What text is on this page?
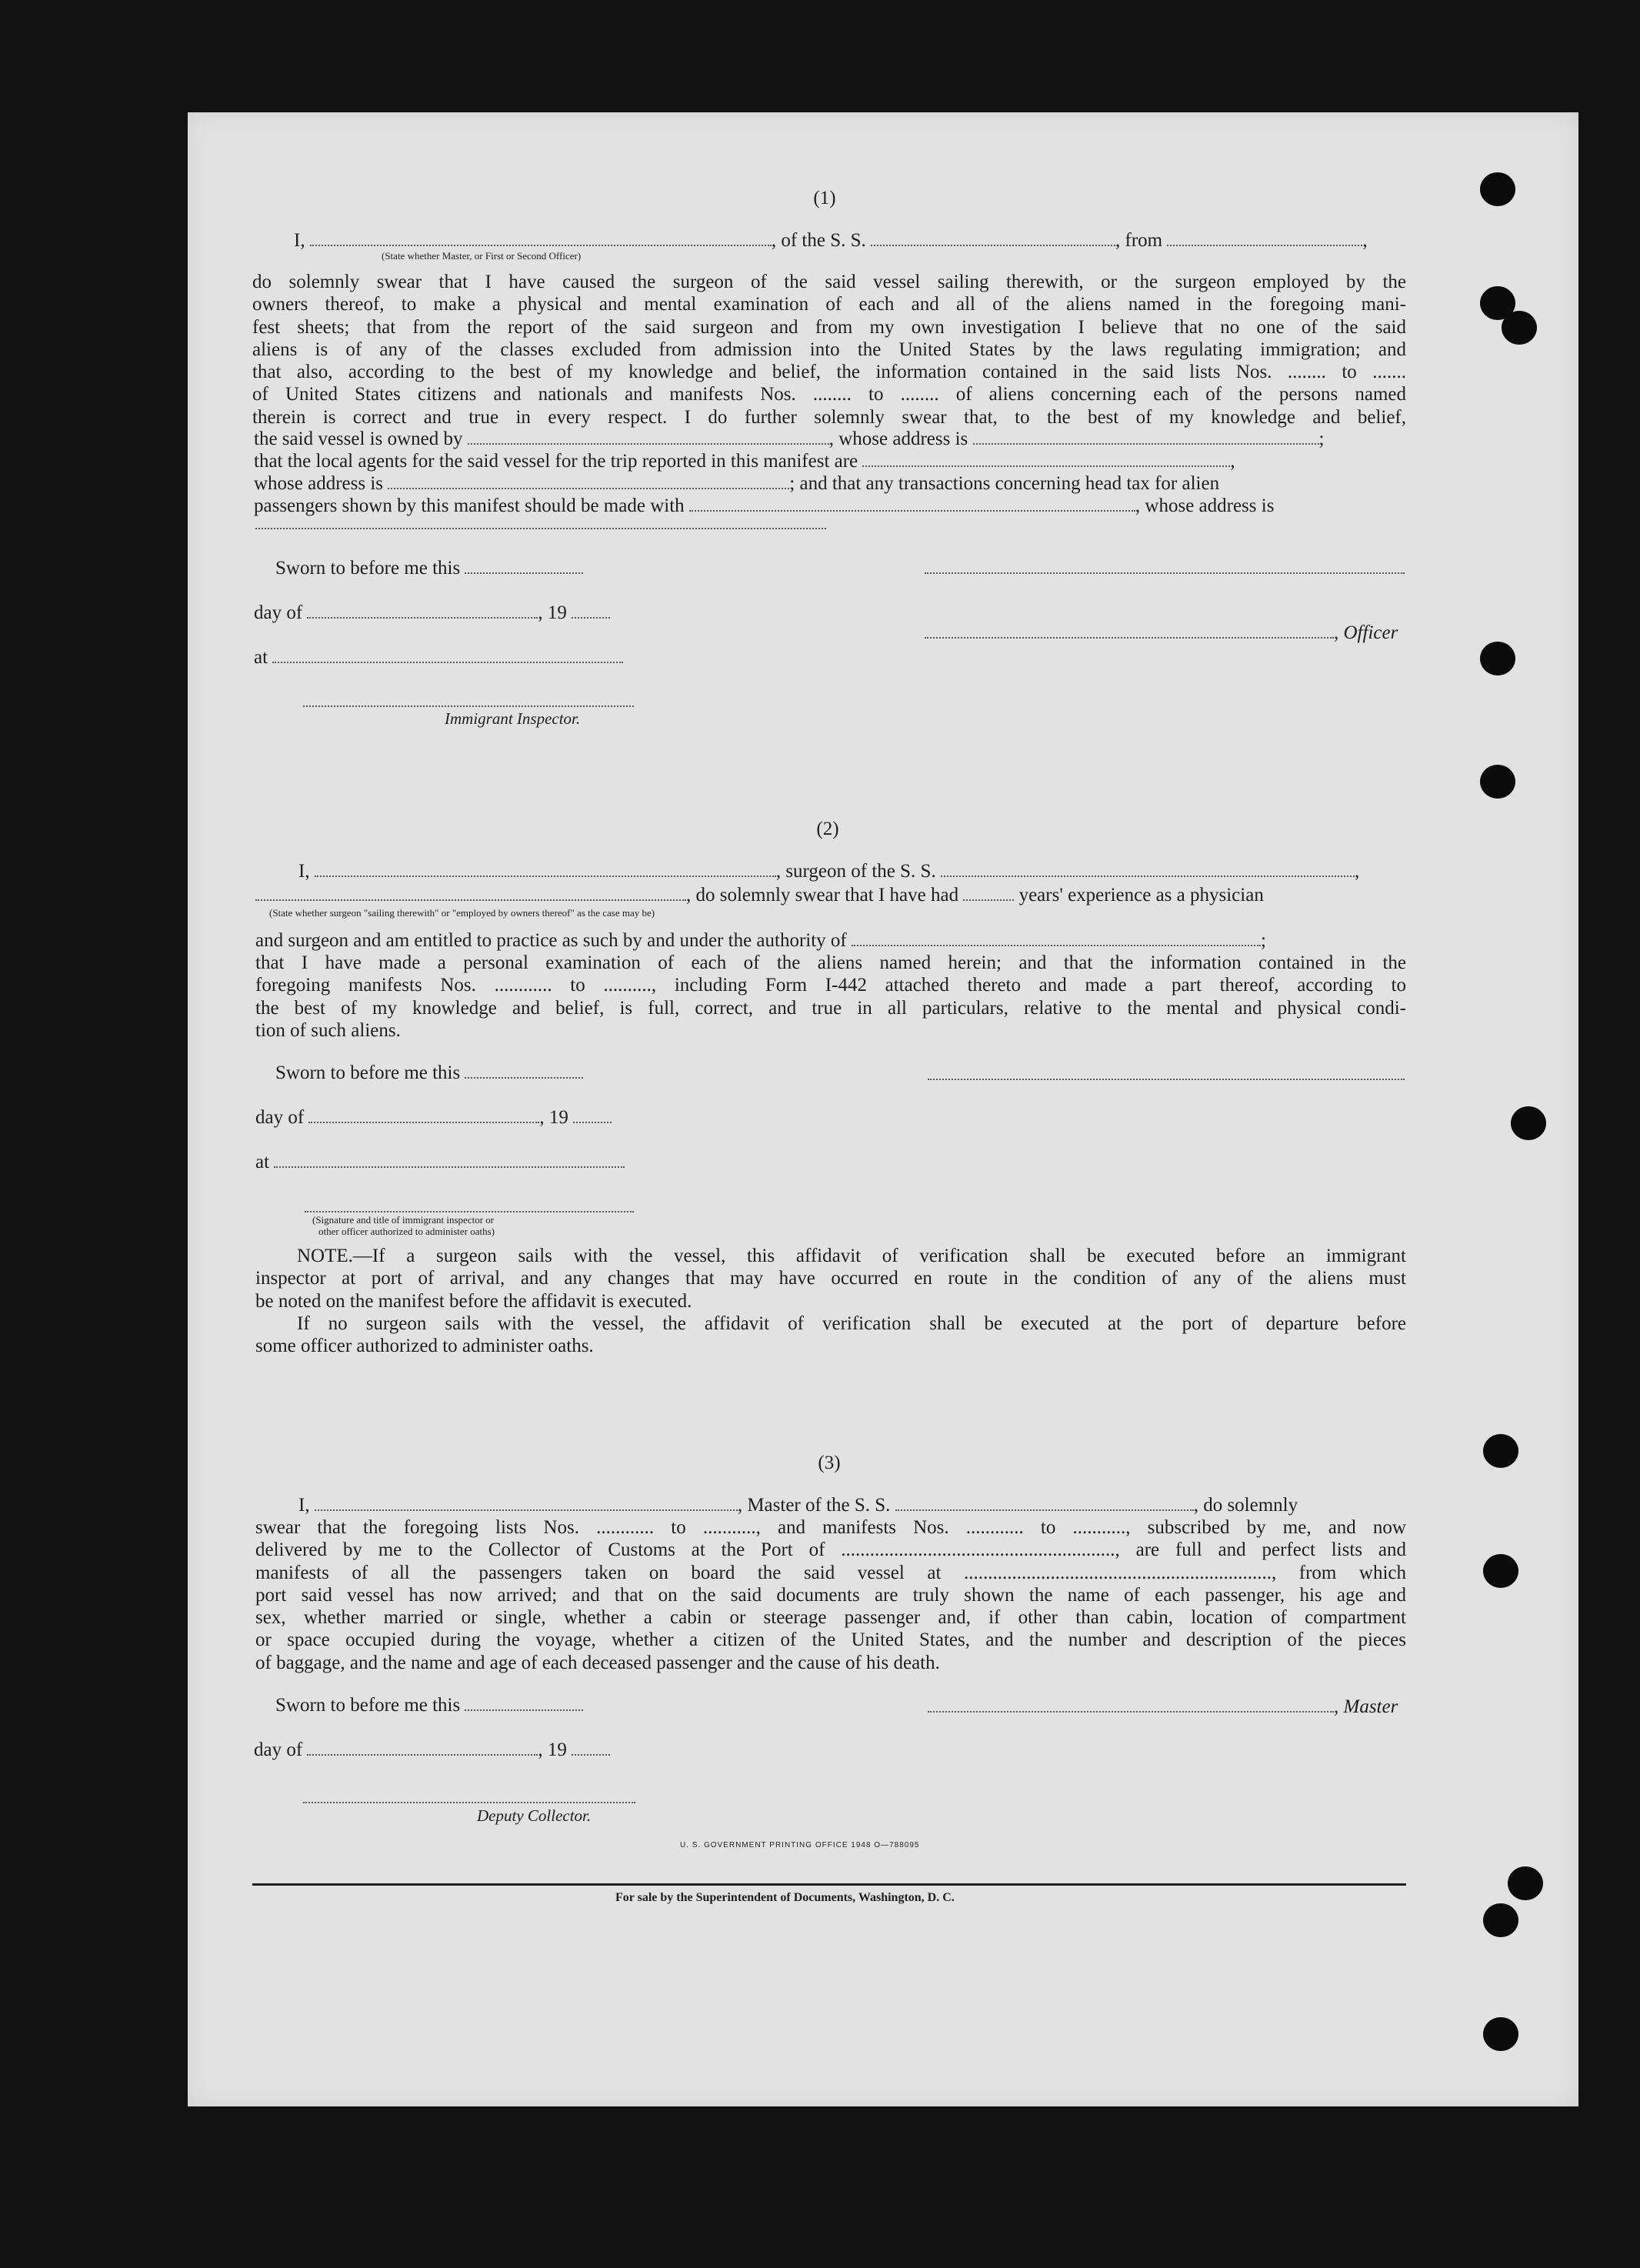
(1)
I,	, of the S. S.	, from	,
(State whether Master, or First or Second Officer)

do solemnly swear that I have caused the surgeon of the said vessel sailing therewith, or the surgeon employed by the

owners thereof, to make a physical and mental examination of each and all of the aliens named in the foregoing mani-

fest sheets; that from the report of the said surgeon and from my own investigation I believe that no one of the said

aliens is of any of the classes excluded from admission into the United States by the laws regulating immigration; and

that also, according to the best of my knowledge and belief, the information contained in the said lists Nos. ........ to .......

of United States citizens and nationals and manifests Nos. ........ to ........ of aliens concerning each of the persons named

therein is correct and true in every respect. I do further solemnly swear that, to the best of my knowledge and belief,

the said vessel is owned by	, whose address is	;
that the local agents for the said vessel for the trip reported in this manifest are	,
whose address is	; and that any transactions concerning head tax for alien
passengers shown by this manifest should be made with	, whose address is
Sworn to before me this
day of	, 19
, Officer
at
Immigrant Inspector.
(2)
I,	, surgeon of the S. S.	,
, do solemnly swear that I have had	years' experience as a physician
(State whether surgeon "sailing therewith" or "employed by owners thereof" as the case may be)
and surgeon and am entitled to practice as such by and under the authority of	;

that I have made a personal examination of each of the aliens named herein; and that the information contained in the

foregoing manifests Nos. ............ to .........., including Form I-442 attached thereto and made a part thereof, according to

the best of my knowledge and belief, is full, correct, and true in all particulars, relative to the mental and physical condi-

tion of such aliens.
Sworn to before me this
day of	, 19
at
(Signature and title of immigrant inspector or
other officer authorized to administer oaths)

NOTE.—If a surgeon sails with the vessel, this affidavit of verification shall be executed before an immigrant

inspector at port of arrival, and any changes that may have occurred en route in the condition of any of the aliens must

be noted on the manifest before the affidavit is executed.

If no surgeon sails with the vessel, the affidavit of verification shall be executed at the port of departure before

some officer authorized to administer oaths.
(3)
I,	, Master of the S. S.	, do solemnly

swear that the foregoing lists Nos. ............ to ..........., and manifests Nos. ............ to ..........., subscribed by me, and now

delivered by me to the Collector of Customs at the Port of ........................................................., are full and perfect lists and

manifests of all the passengers taken on board the said vessel at ................................................................, from which

port said vessel has now arrived; and that on the said documents are truly shown the name of each passenger, his age and

sex, whether married or single, whether a cabin or steerage passenger and, if other than cabin, location of compartment

or space occupied during the voyage, whether a citizen of the United States, and the number and description of the pieces

of baggage, and the name and age of each deceased passenger and the cause of his death.
Sworn to before me this	, Master
day of	, 19
Deputy Collector.
U. S. GOVERNMENT PRINTING OFFICE 1948 O—788095
For sale by the Superintendent of Documents, Washington, D. C.
